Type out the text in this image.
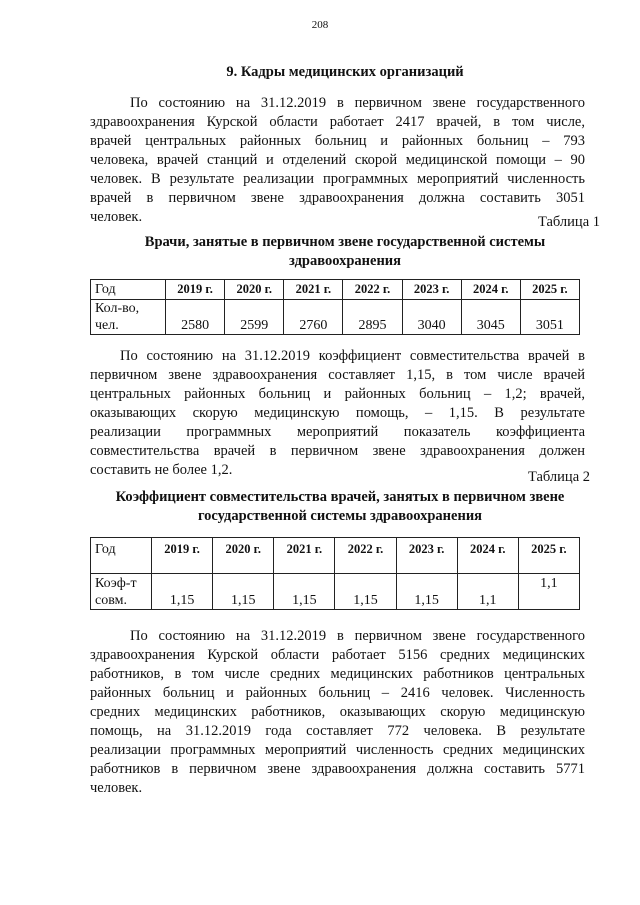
208
9. Кадры медицинских организаций
По состоянию на 31.12.2019 в первичном звене государственного
здравоохранения Курской области работает 2417 врачей, в том числе,
врачей центральных районных больниц и районных больниц – 793
человека, врачей станций и отделений скорой медицинской помощи – 90
человек. В результате реализации программных мероприятий численность
врачей в первичном звене здравоохранения должна составить 3051
человек.	Таблица 1
Врачи, занятые в первичном звене государственной системы
здравоохранения
Год	2019 г.	2020 г.	2021 г.	2022 г.	2023 г.	2024 г.	2025 г.

Кол-во,
чел.	2580	2599	2760	2895	3040	3045	3051
По состоянию на 31.12.2019 коэффициент совместительства врачей в
первичном звене здравоохранения составляет 1,15, в том числе врачей
центральных районных больниц и районных больниц – 1,2; врачей,
оказывающих скорую медицинскую помощь, – 1,15. В результате
реализации программных мероприятий показатель коэффициента
совместительства врачей в первичном звене здравоохранения должен
составить не более 1,2.	Таблица 2
Коэффициент совместительства врачей, занятых в первичном звене
государственной системы здравоохранения
Год	2019 г.	2020 г.	2021 г.	2022 г.	2023 г.	2024 г.	2025 г.

Коэф-т
совм.	1,15	1,15	1,15	1,15	1,15	1,1	1,1
По состоянию на 31.12.2019 в первичном звене государственного
здравоохранения Курской области работает 5156 средних медицинских
работников, в том числе средних медицинских работников центральных
районных больниц и районных больниц – 2416 человек. Численность
средних медицинских работников, оказывающих скорую медицинскую
помощь, на 31.12.2019 года составляет 772 человека. В результате
реализации программных мероприятий численность средних медицинских
работников в первичном звене здравоохранения должна составить 5771
человек.
